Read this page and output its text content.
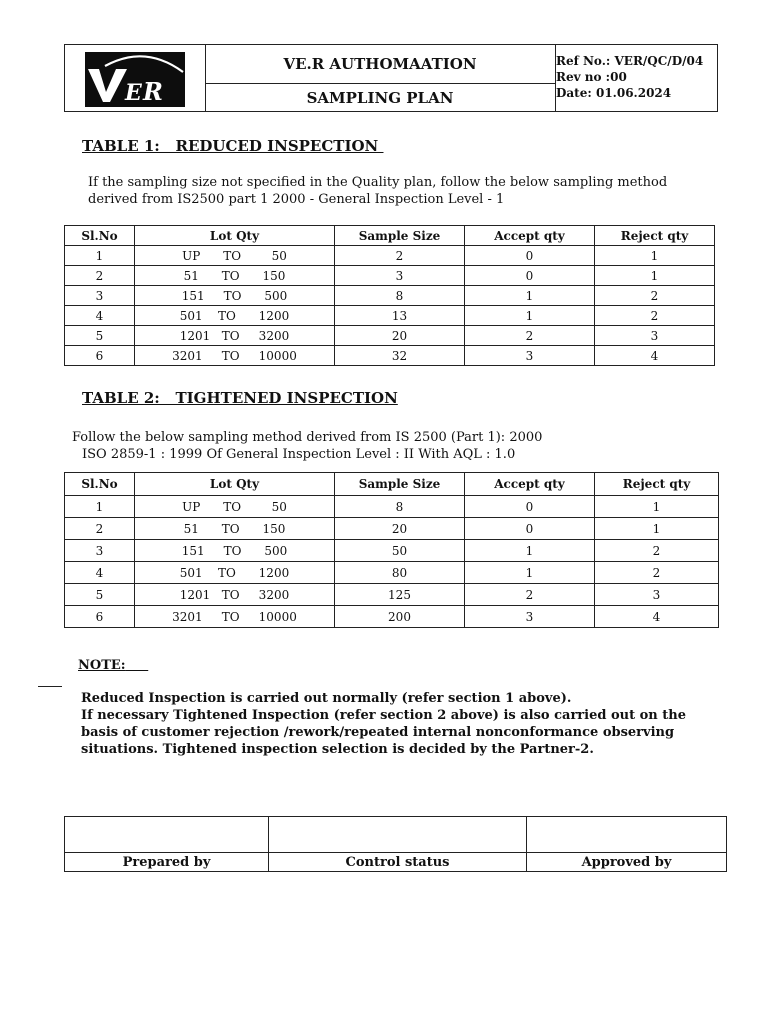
E R
VE.R AUTHOMAATION
SAMPLING PLAN
Ref No.: VER/QC/D/04
Rev no :00
Date: 01.06.2024
TABLE 1:   REDUCED INSPECTION
If the sampling size not specified in the Quality plan, follow the below sampling method
derived from IS2500 part 1 2000 - General Inspection Level - 1
Sl.No	Lot Qty	Sample Size	Accept qty	Reject qty
1	UP      TO        50	2	0	1
2	51      TO      150	3	0	1
3	151     TO      500	8	1	2
4	501    TO      1200	13	1	2
5	1201   TO     3200	20	2	3
6	3201     TO     10000	32	3	4
TABLE 2:   TIGHTENED INSPECTION
Follow the below sampling method derived from IS 2500 (Part 1): 2000
ISO 2859-1 : 1999 Of General Inspection Level : II With AQL : 1.0
Sl.No	Lot Qty	Sample Size	Accept qty	Reject qty
1	UP      TO        50	8	0	1
2	51      TO      150	20	0	1
3	151     TO      500	50	1	2
4	501    TO      1200	80	1	2
5	1201   TO     3200	125	2	3
6	3201     TO     10000	200	3	4
NOTE:
Reduced Inspection is carried out normally (refer section 1 above).
If necessary Tightened Inspection (refer section 2 above) is also carried out on the
basis of customer rejection /rework/repeated internal nonconformance observing
situations. Tightened inspection selection is decided by the Partner-2.

Prepared by	Control status	Approved by
